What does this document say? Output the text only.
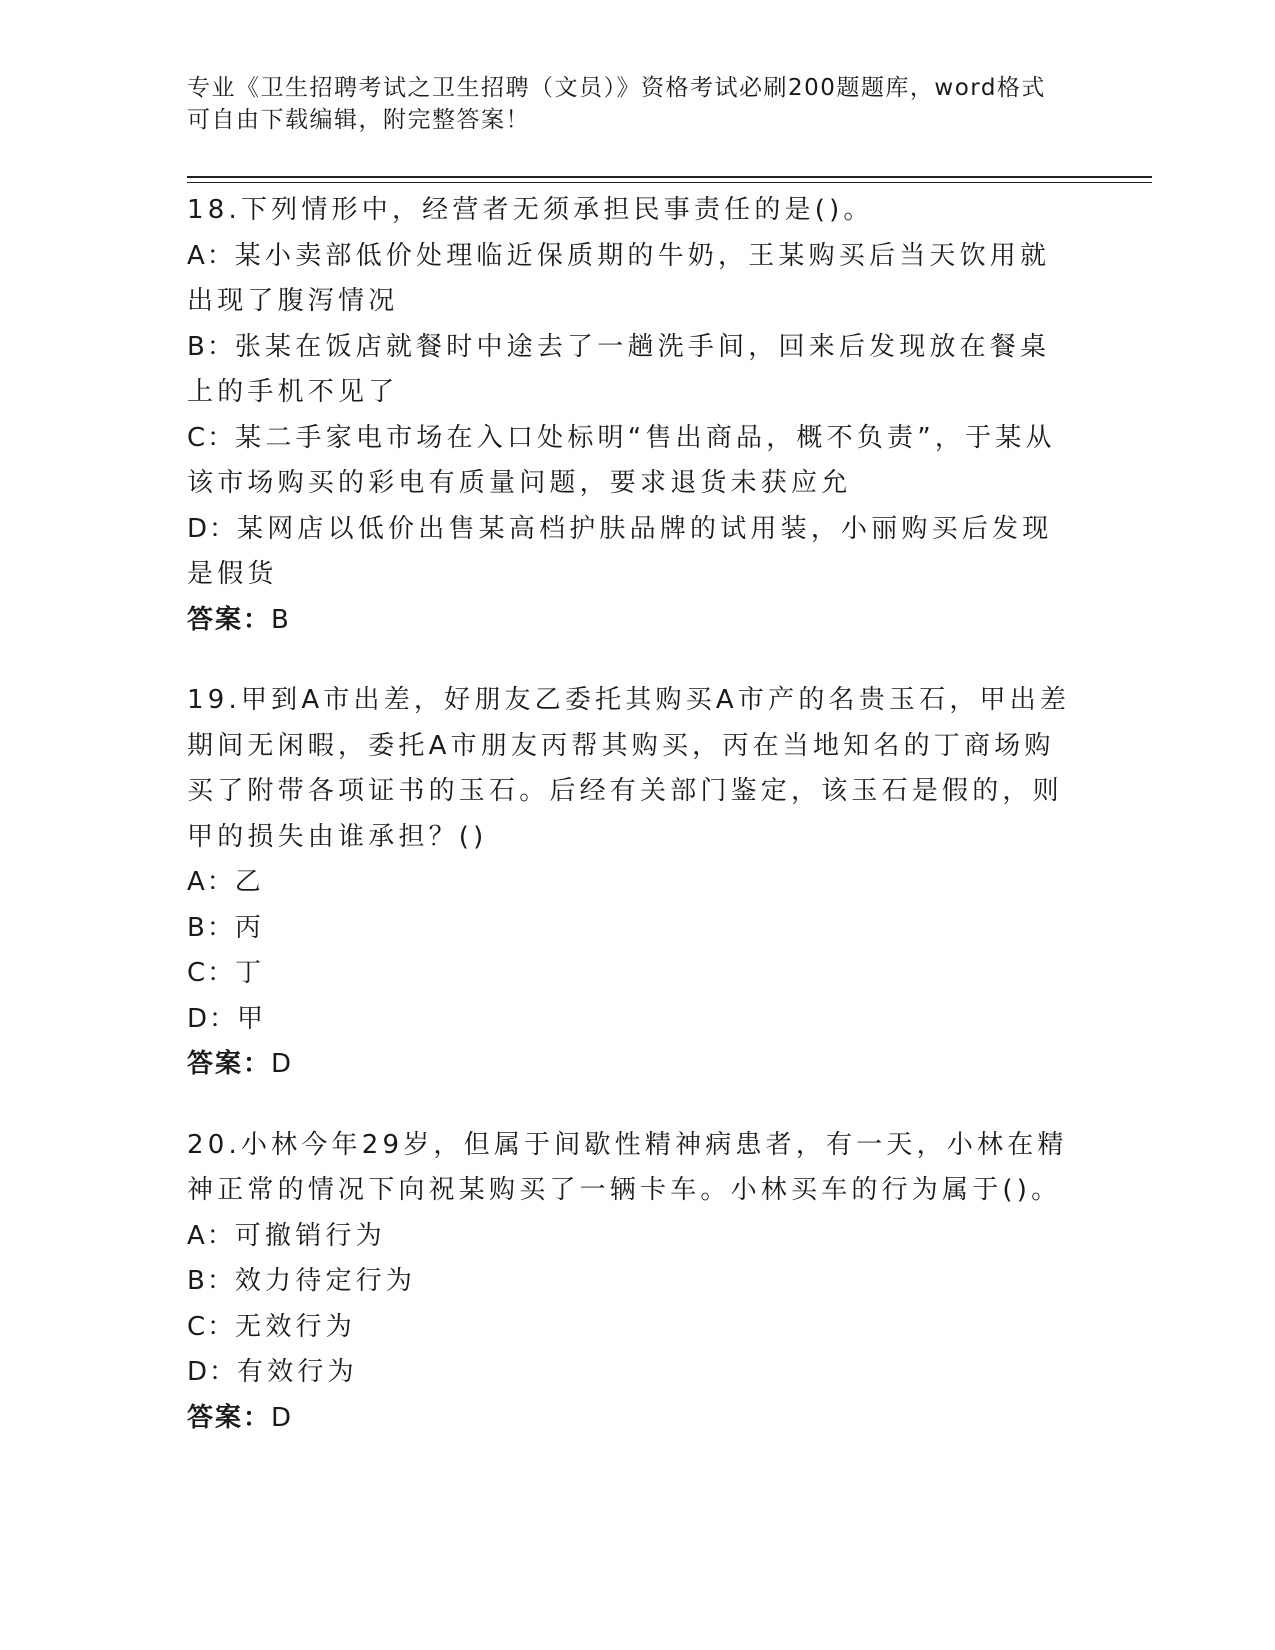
专业《卫生招聘考试之卫生招聘（文员）》资格考试必刷200题题库，word格式
可自由下载编辑，附完整答案！

18.下列情形中，经营者无须承担民事责任的是()。

A：某小卖部低价处理临近保质期的牛奶，王某购买后当天饮用就出现了腹泻情况

B：张某在饭店就餐时中途去了一趟洗手间，回来后发现放在餐桌上的手机不见了

C：某二手家电市场在入口处标明“售出商品，概不负责”，于某从该市场购买的彩电有质量问题，要求退货未获应允

D：某网店以低价出售某高档护肤品牌的试用装，小丽购买后发现是假货

答案：B

19.甲到A市出差，好朋友乙委托其购买A市产的名贵玉石，甲出差期间无闲暇，委托A市朋友丙帮其购买，丙在当地知名的丁商场购买了附带各项证书的玉石。后经有关部门鉴定，该玉石是假的，则甲的损失由谁承担？()

A：乙

B：丙

C：丁

D：甲

答案：D

20.小林今年29岁，但属于间歇性精神病患者，有一天，小林在精神正常的情况下向祝某购买了一辆卡车。小林买车的行为属于()。

A：可撤销行为

B：效力待定行为

C：无效行为

D：有效行为

答案：D
